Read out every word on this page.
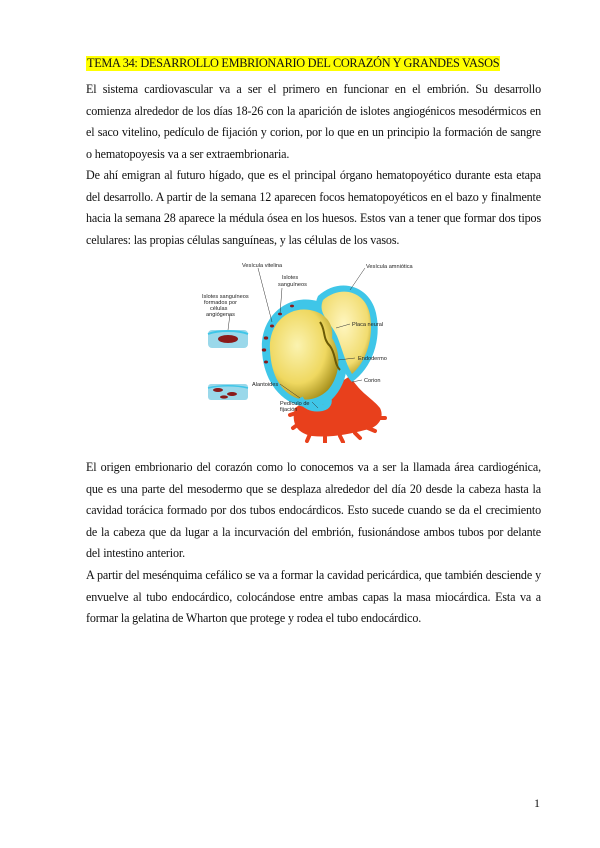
TEMA 34: DESARROLLO EMBRIONARIO DEL CORAZÓN Y GRANDES VASOS

El sistema cardiovascular va a ser el primero en funcionar en el embrión. Su desarrollo comienza alrededor de los días 18-26 con la aparición de islotes angiogénicos mesodérmicos en el saco vitelino, pedículo de fijación y corion, por lo que en un principio la formación de sangre o hematopoyesis va a ser extraembrionaria.

De ahí emigran al futuro hígado, que es el principal órgano hematopoyético durante esta etapa del desarrollo. A partir de la semana 12 aparecen focos hematopoyéticos en el bazo y finalmente hacia la semana 28 aparece la médula ósea en los huesos. Estos van a tener que formar dos tipos celulares: las propias células sanguíneas, y las células de los vasos.

Vesícula vitelina	Vesícula amniótica
Islotes
sanguíneos
Islotes sanguíneos
formados por
células
angiógenas
Placa neural
Endodermo
Alantoides
Corion
Pedículo de
fijación

El origen embrionario del corazón como lo conocemos va a ser la llamada área cardiogénica, que es una parte del mesodermo que se desplaza alrededor del día 20 desde la cabeza hasta la cavidad torácica formado por dos tubos endocárdicos. Esto sucede cuando se da el crecimiento de la cabeza que da lugar a la incurvación del embrión, fusionándose ambos tubos por delante del intestino anterior.

A partir del mesénquima cefálico se va a formar la cavidad pericárdica, que también desciende y envuelve al tubo endocárdico, colocándose entre ambas capas la masa miocárdica. Esta va a formar la gelatina de Wharton que protege y rodea el tubo endocárdico.

1
